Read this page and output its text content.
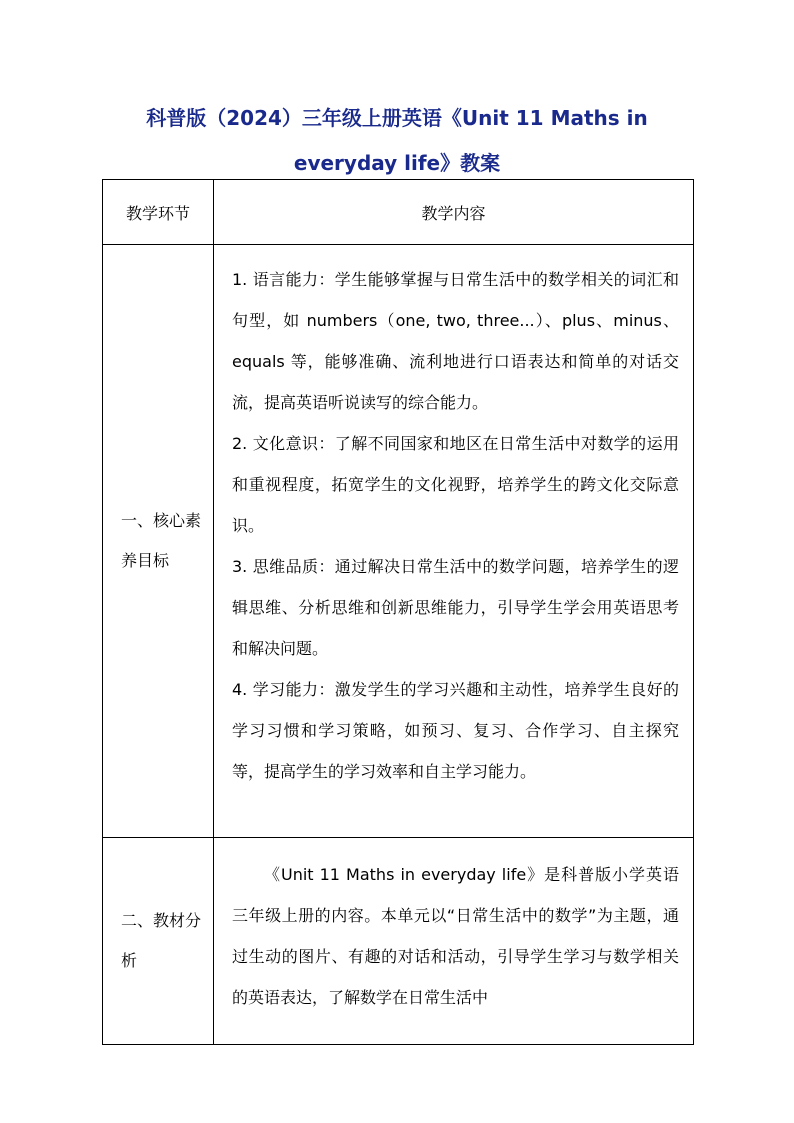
科普版（2024）三年级上册英语《Unit 11 Maths in
everyday life》教案
教学环节	教学内容
一、核心素养目标	1. 语言能力：学生能够掌握与日常生活中的数学相关的词汇和句型，如 numbers（one, two, three...）、plus、minus、equals 等，能够准确、流利地进行口语表达和简单的对话交流，提高英语听说读写的综合能力。

2. 文化意识：了解不同国家和地区在日常生活中对数学的运用和重视程度，拓宽学生的文化视野，培养学生的跨文化交际意识。

3. 思维品质：通过解决日常生活中的数学问题，培养学生的逻辑思维、分析思维和创新思维能力，引导学生学会用英语思考和解决问题。

4. 学习能力：激发学生的学习兴趣和主动性，培养学生良好的学习习惯和学习策略，如预习、复习、合作学习、自主探究等，提高学生的学习效率和自主学习能力。

二、教材分析	《Unit 11 Maths in everyday life》是科普版小学英语三年级上册的内容。本单元以“日常生活中的数学”为主题，通过生动的图片、有趣的对话和活动，引导学生学习与数学相关的英语表达，了解数学在日常生活中
